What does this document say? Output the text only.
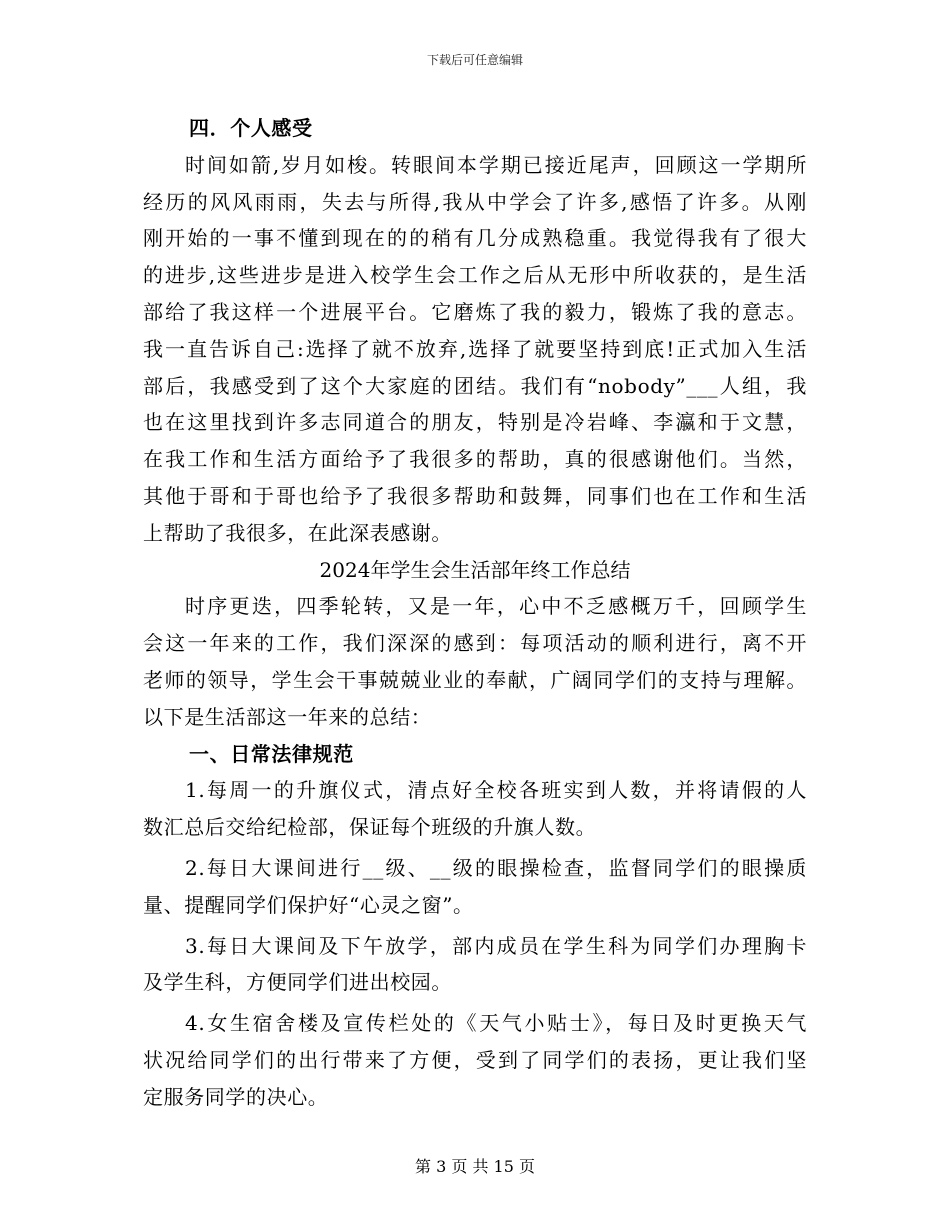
下载后可任意编辑
四．个人感受
时间如箭,岁月如梭。转眼间本学期已接近尾声，回顾这一学期所
经历的风风雨雨，失去与所得,我从中学会了许多,感悟了许多。从刚
刚开始的一事不懂到现在的的稍有几分成熟稳重。我觉得我有了很大
的进步,这些进步是进入校学生会工作之后从无形中所收获的，是生活
部给了我这样一个进展平台。它磨炼了我的毅力，锻炼了我的意志。
我一直告诉自己:选择了就不放弃,选择了就要坚持到底!正式加入生活
部后，我感受到了这个大家庭的团结。我们有“nobody”___人组，我
也在这里找到许多志同道合的朋友，特别是冷岩峰、李瀛和于文慧，
在我工作和生活方面给予了我很多的帮助，真的很感谢他们。当然，
其他于哥和于哥也给予了我很多帮助和鼓舞，同事们也在工作和生活
上帮助了我很多，在此深表感谢。
2024年学生会生活部年终工作总结
时序更迭，四季轮转，又是一年，心中不乏感概万千，回顾学生
会这一年来的工作，我们深深的感到：每项活动的顺利进行，离不开
老师的领导，学生会干事兢兢业业的奉献，广阔同学们的支持与理解。
以下是生活部这一年来的总结：
一、日常法律规范
1.每周一的升旗仪式，清点好全校各班实到人数，并将请假的人
数汇总后交给纪检部，保证每个班级的升旗人数。
2.每日大课间进行__级、__级的眼操检查，监督同学们的眼操质
量、提醒同学们保护好“心灵之窗”。
3.每日大课间及下午放学，部内成员在学生科为同学们办理胸卡
及学生科，方便同学们进出校园。
4.女生宿舍楼及宣传栏处的《天气小贴士》，每日及时更换天气
状况给同学们的出行带来了方便，受到了同学们的表扬，更让我们坚
定服务同学的决心。
第 3 页 共 15 页
